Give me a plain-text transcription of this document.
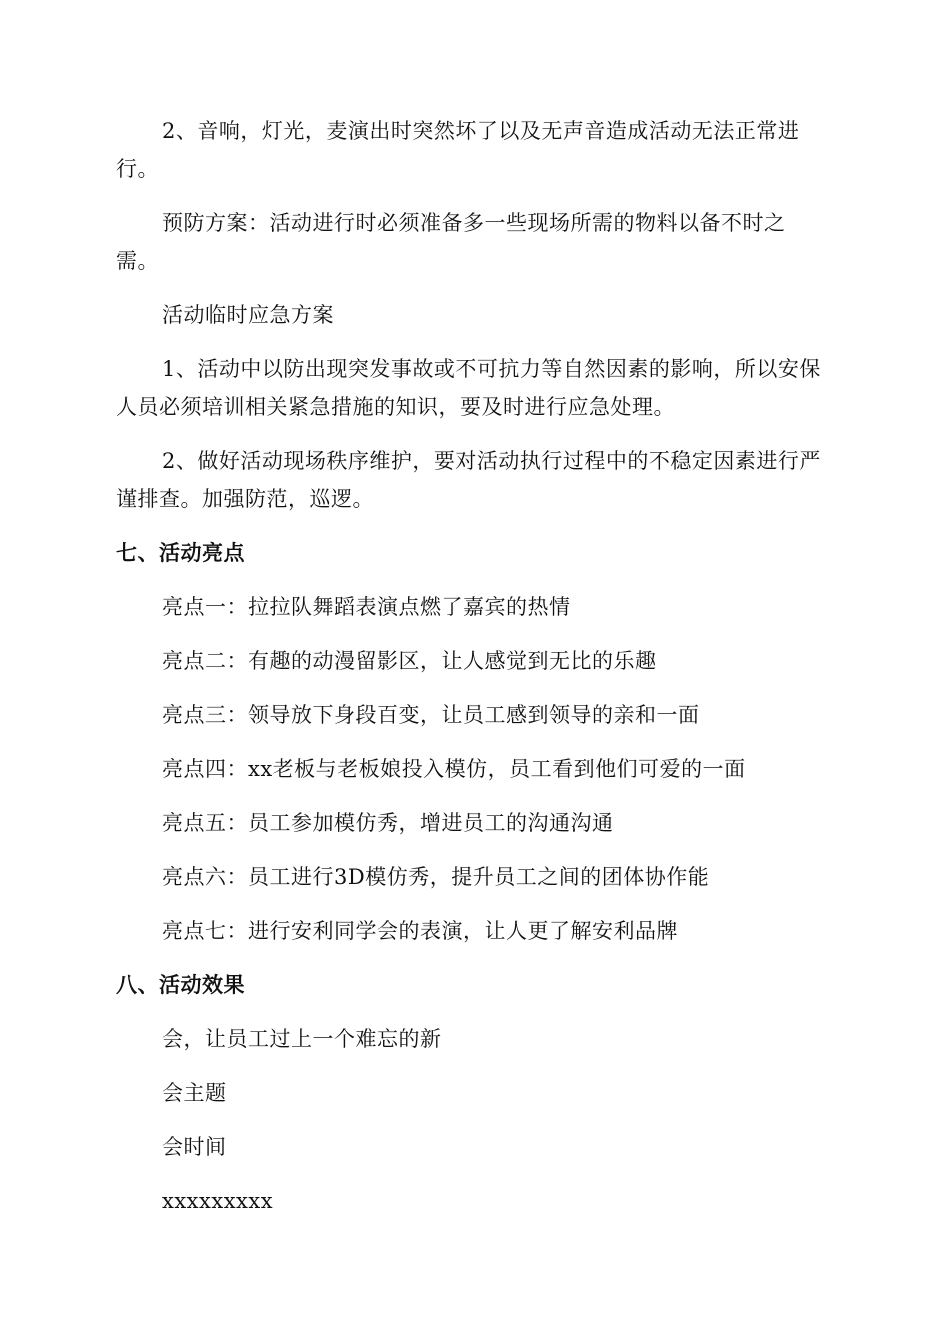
2、音响，灯光，麦演出时突然坏了以及无声音造成活动无法正常进行。

预防方案：活动进行时必须准备多一些现场所需的物料以备不时之需。

活动临时应急方案

1、活动中以防出现突发事故或不可抗力等自然因素的影响，所以安保人员必须培训相关紧急措施的知识，要及时进行应急处理。

2、做好活动现场秩序维护，要对活动执行过程中的不稳定因素进行严谨排查。加强防范，巡逻。

七、活动亮点

亮点一：拉拉队舞蹈表演点燃了嘉宾的热情

亮点二：有趣的动漫留影区，让人感觉到无比的乐趣

亮点三：领导放下身段百变，让员工感到领导的亲和一面

亮点四：xx老板与老板娘投入模仿，员工看到他们可爱的一面

亮点五：员工参加模仿秀，增进员工的沟通沟通

亮点六：员工进行3D模仿秀，提升员工之间的团体协作能

亮点七：进行安利同学会的表演，让人更了解安利品牌

八、活动效果

会，让员工过上一个难忘的新

会主题

会时间

xxxxxxxxx
